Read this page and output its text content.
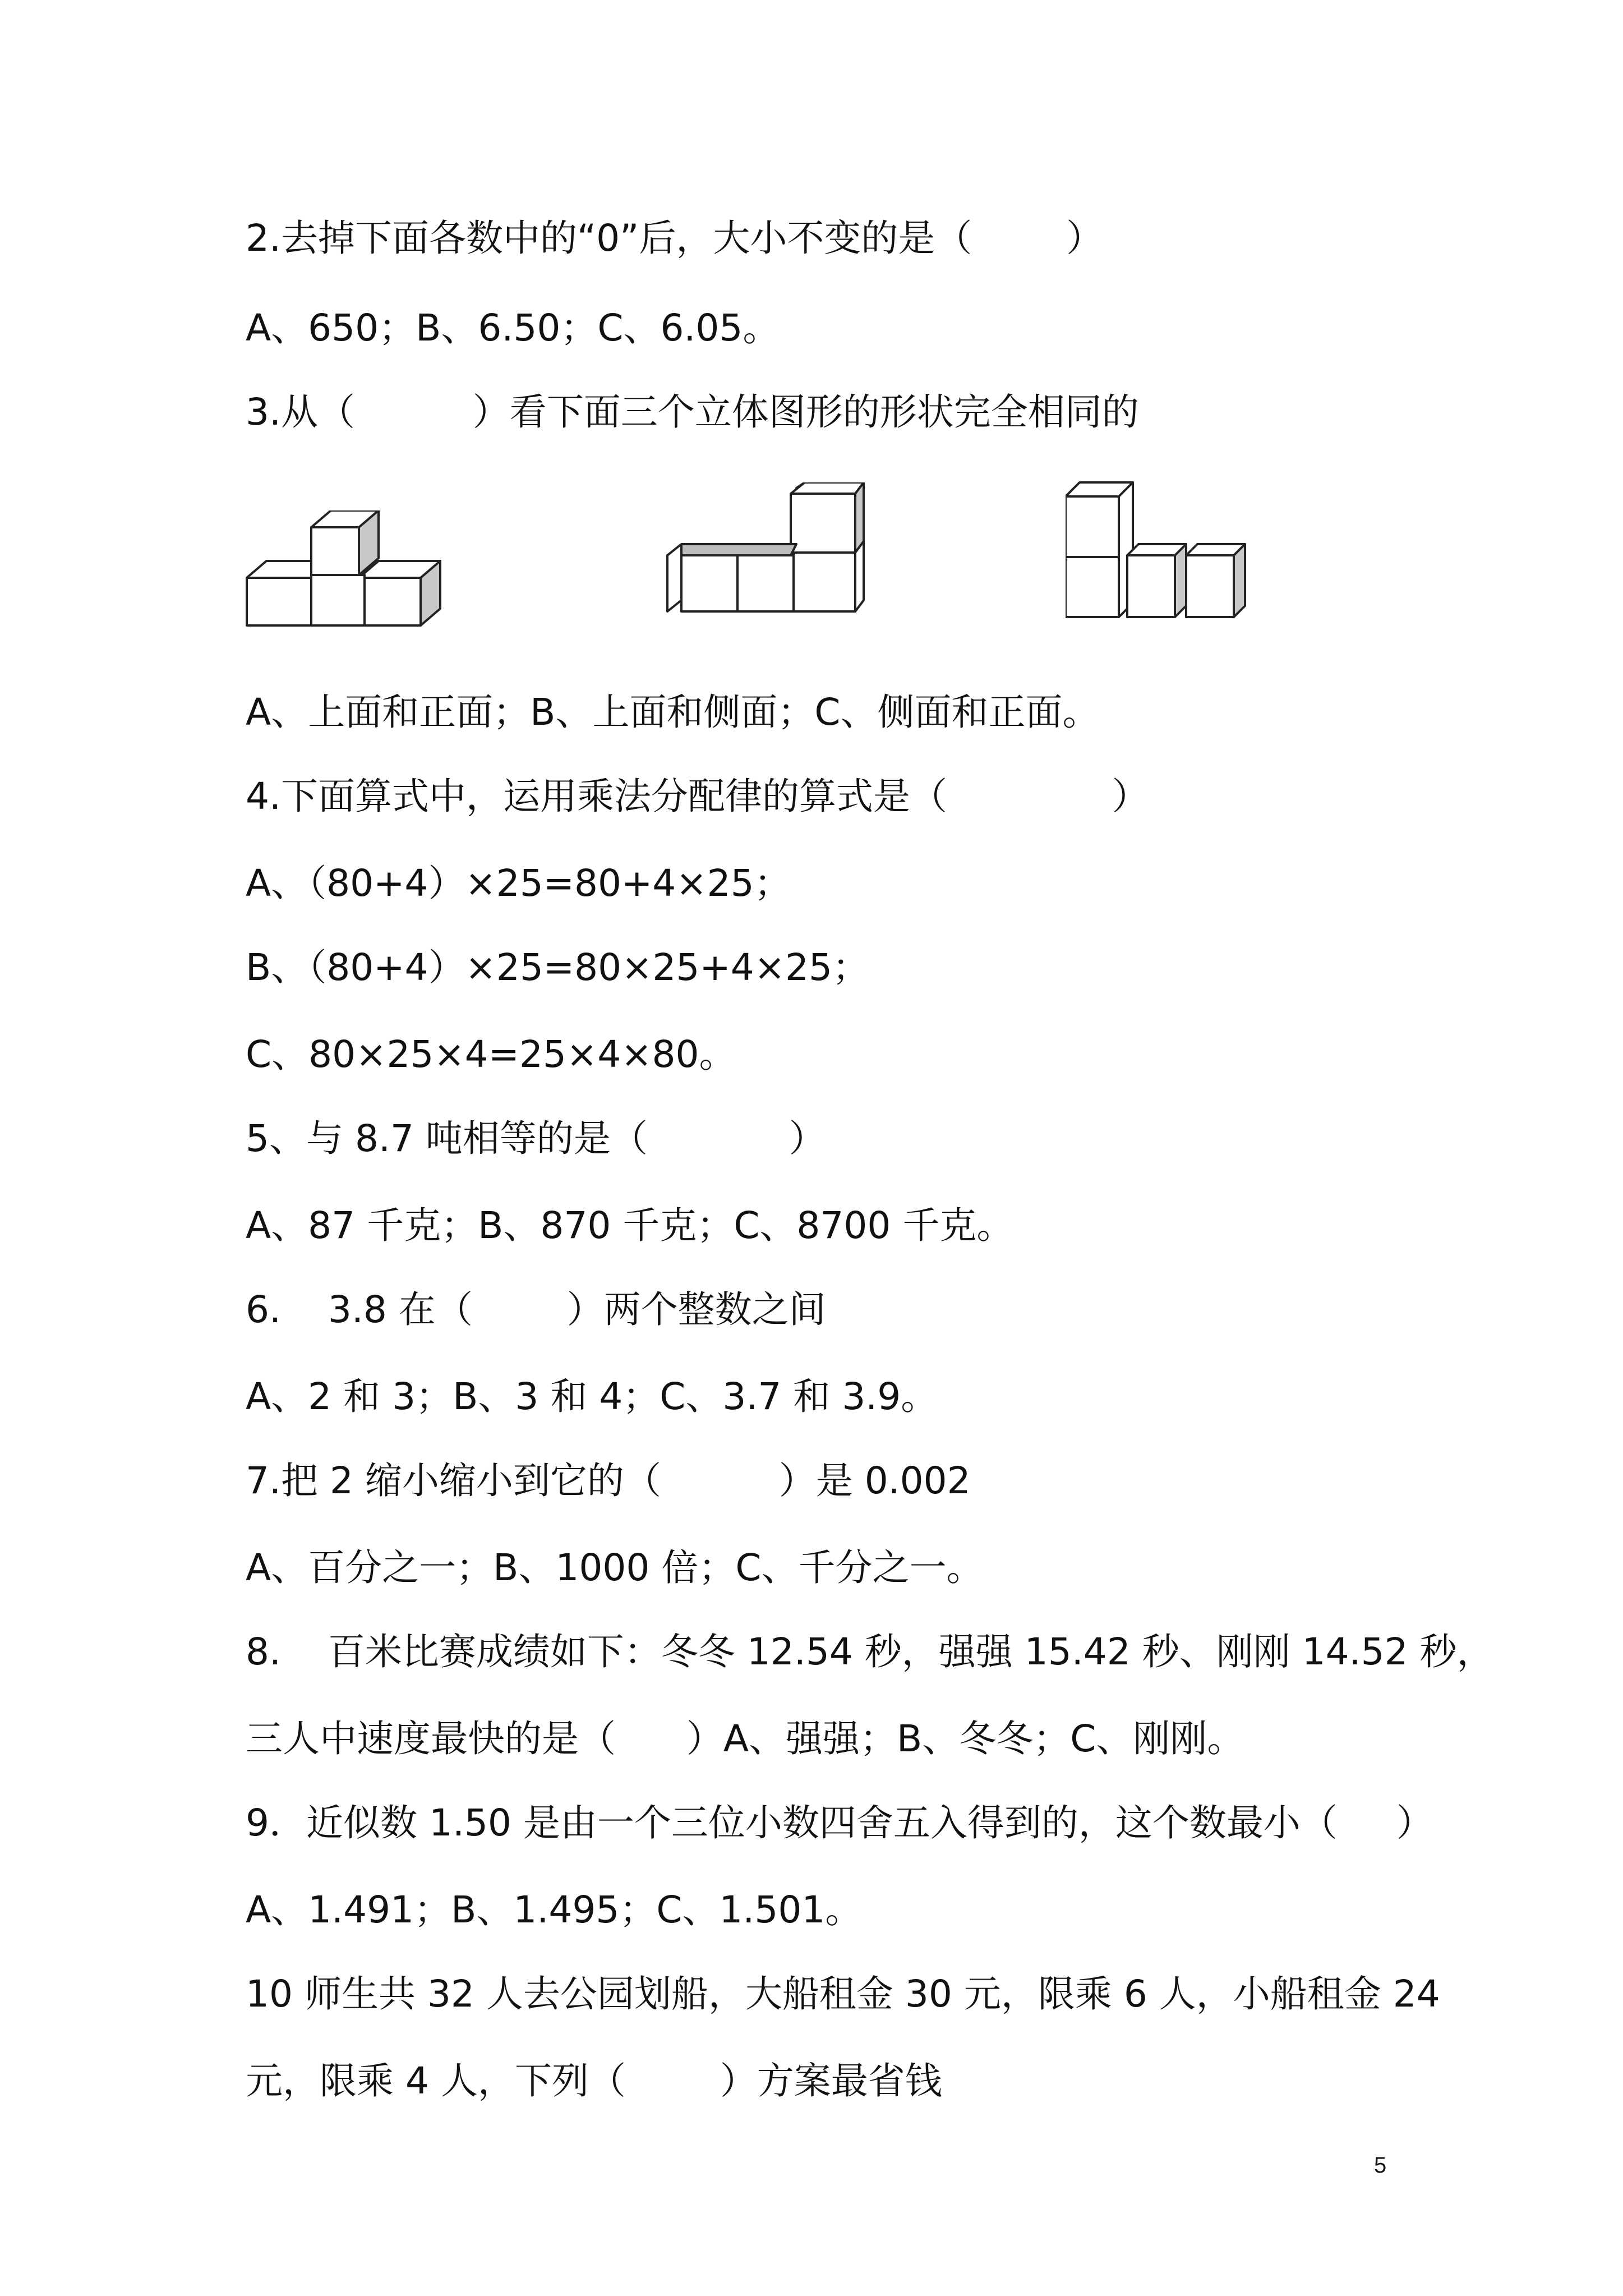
2.去掉下面各数中的“0”后，大小不变的是（        ）
A、650；B、6.50；C、6.05。
3.从（          ）看下面三个立体图形的形状完全相同的
A、上面和正面；B、上面和侧面；C、侧面和正面。
4.下面算式中，运用乘法分配律的算式是（              ）
A、（80+4）×25=80+4×25；
B、（80+4）×25=80×25+4×25；
C、80×25×4=25×4×80。
5、与 8.7 吨相等的是（            ）
A、87 千克；B、870 千克；C、8700 千克。
6.    3.8 在（        ）两个整数之间
A、2 和 3；B、3 和 4；C、3.7 和 3.9。
7.把 2 缩小缩小到它的（          ）是 0.002
A、百分之一；B、1000 倍；C、千分之一。
8.    百米比赛成绩如下：冬冬 12.54 秒，强强 15.42 秒、刚刚 14.52 秒，
三人中速度最快的是（      ）A、强强；B、冬冬；C、刚刚。
9．近似数 1.50 是由一个三位小数四舍五入得到的，这个数最小（     ）
A、1.491；B、1.495；C、1.501。
10 师生共 32 人去公园划船，大船租金 30 元，限乘 6 人，小船租金 24
元，限乘 4 人，下列（        ）方案最省钱
5
